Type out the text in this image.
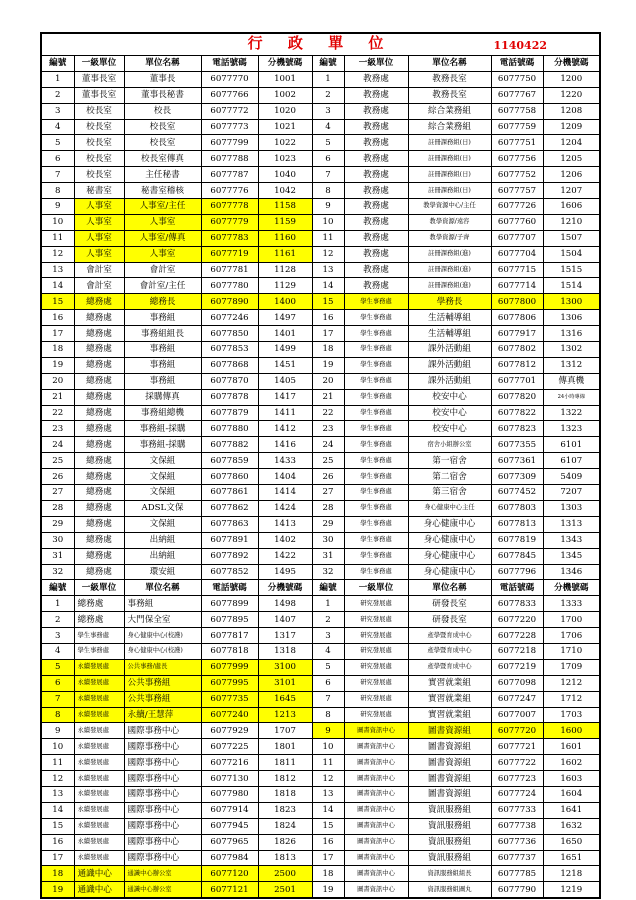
行 政 單 位 1140422									

編號	一級單位	單位名稱	電話號碼	分機號碼	編號	一級單位	單位名稱	電話號碼	分機號碼
1	董事長室	董事長	6077770	1001	1	教務處	教務長室	6077750	1200
2	董事長室	董事長秘書	6077766	1002	2	教務處	教務長室	6077767	1220
3	校長室	校長	6077772	1020	3	教務處	綜合業務組	6077758	1208
4	校長室	校長室	6077773	1021	4	教務處	綜合業務組	6077759	1209
5	校長室	校長室	6077799	1022	5	教務處	註冊課務組(日)	6077751	1204
6	校長室	校長室傳真	6077788	1023	6	教務處	註冊課務組(日)	6077756	1205
7	校長室	主任秘書	6077787	1040	7	教務處	註冊課務組(日)	6077752	1206
8	秘書室	秘書室稽核	6077776	1042	8	教務處	註冊課務組(日)	6077757	1207
9	人事室	人事室/主任	6077778	1158	9	教務處	教學資源中心/主任	6077726	1606
10	人事室	人事室	6077779	1159	10	教務處	教學資源/遠容	6077760	1210
11	人事室	人事室/傳真	6077783	1160	11	教務處	教學資源/子齊	6077707	1507
12	人事室	人事室	6077719	1161	12	教務處	註冊課務組(進)	6077704	1504
13	會計室	會計室	6077781	1128	13	教務處	註冊課務組(進)	6077715	1515
14	會計室	會計室/主任	6077780	1129	14	教務處	註冊課務組(進)	6077714	1514
15	總務處	總務長	6077890	1400	15	學生事務處	學務長	6077800	1300
16	總務處	事務組	6077246	1497	16	學生事務處	生活輔導組	6077806	1306
17	總務處	事務組組長	6077850	1401	17	學生事務處	生活輔導組	6077917	1316
18	總務處	事務組	6077853	1499	18	學生事務處	課外活動組	6077802	1302
19	總務處	事務組	6077868	1451	19	學生事務處	課外活動組	6077812	1312
20	總務處	事務組	6077870	1405	20	學生事務處	課外活動組	6077701	傳真機
21	總務處	採購傳真	6077878	1417	21	學生事務處	校安中心	6077820	24小時專線
22	總務處	事務組總機	6077879	1411	22	學生事務處	校安中心	6077822	1322
23	總務處	事務組-採購	6077880	1412	23	學生事務處	校安中心	6077823	1323
24	總務處	事務組-採購	6077882	1416	24	學生事務處	宿舍小組辦公室	6077355	6101
25	總務處	文保組	6077859	1433	25	學生事務處	第一宿舍	6077361	6107
26	總務處	文保組	6077860	1404	26	學生事務處	第二宿舍	6077309	5409
27	總務處	文保組	6077861	1414	27	學生事務處	第三宿舍	6077452	7207
28	總務處	ADSL文保	6077862	1424	28	學生事務處	身心健康中心主任	6077803	1303
29	總務處	文保組	6077863	1413	29	學生事務處	身心健康中心	6077813	1313
30	總務處	出納組	6077891	1402	30	學生事務處	身心健康中心	6077819	1343
31	總務處	出納組	6077892	1422	31	學生事務處	身心健康中心	6077845	1345
32	總務處	環安組	6077852	1495	32	學生事務處	身心健康中心	6077796	1346
編號	一級單位	單位名稱	電話號碼	分機號碼	編號	一級單位	單位名稱	電話號碼	分機號碼
1	總務處	事務組	6077899	1498	1	研究發展處	研發長室	6077833	1333
2	總務處	大門保全室	6077895	1407	2	研究發展處	研發長室	6077220	1700
3	學生事務處	身心健康中心(校護)	6077817	1317	3	研究發展處	產學暨育成中心	6077228	1706
4	學生事務處	身心健康中心(校護)	6077818	1318	4	研究發展處	產學暨育成中心	6077218	1710
5	永續發展處	公共事務/處長	6077999	3100	5	研究發展處	產學暨育成中心	6077219	1709
6	永續發展處	公共事務組	6077995	3101	6	研究發展處	實習就業組	6077098	1212
7	永續發展處	公共事務組	6077735	1645	7	研究發展處	實習就業組	6077247	1712
8	永續發展處	永續/王慧萍	6077240	1213	8	研究發展處	實習就業組	6077007	1703
9	永續發展處	國際事務中心	6077929	1707	9	圖書資訊中心	圖書資源組	6077720	1600
10	永續發展處	國際事務中心	6077225	1801	10	圖書資訊中心	圖書資源組	6077721	1601
11	永續發展處	國際事務中心	6077216	1811	11	圖書資訊中心	圖書資源組	6077722	1602
12	永續發展處	國際事務中心	6077130	1812	12	圖書資訊中心	圖書資源組	6077723	1603
13	永續發展處	國際事務中心	6077980	1818	13	圖書資訊中心	圖書資源組	6077724	1604
14	永續發展處	國際事務中心	6077914	1823	14	圖書資訊中心	資訊服務組	6077733	1641
15	永續發展處	國際事務中心	6077945	1824	15	圖書資訊中心	資訊服務組	6077738	1632
16	永續發展處	國際事務中心	6077965	1826	16	圖書資訊中心	資訊服務組	6077736	1650
17	永續發展處	國際事務中心	6077984	1813	17	圖書資訊中心	資訊服務組	6077737	1651
18	通識中心	通識中心辦公室	6077120	2500	18	圖書資訊中心	資訊服務組組長	6077785	1218
19	通識中心	通識中心辦公室	6077121	2501	19	圖書資訊中心	資訊服務組圖丸	6077790	1219
